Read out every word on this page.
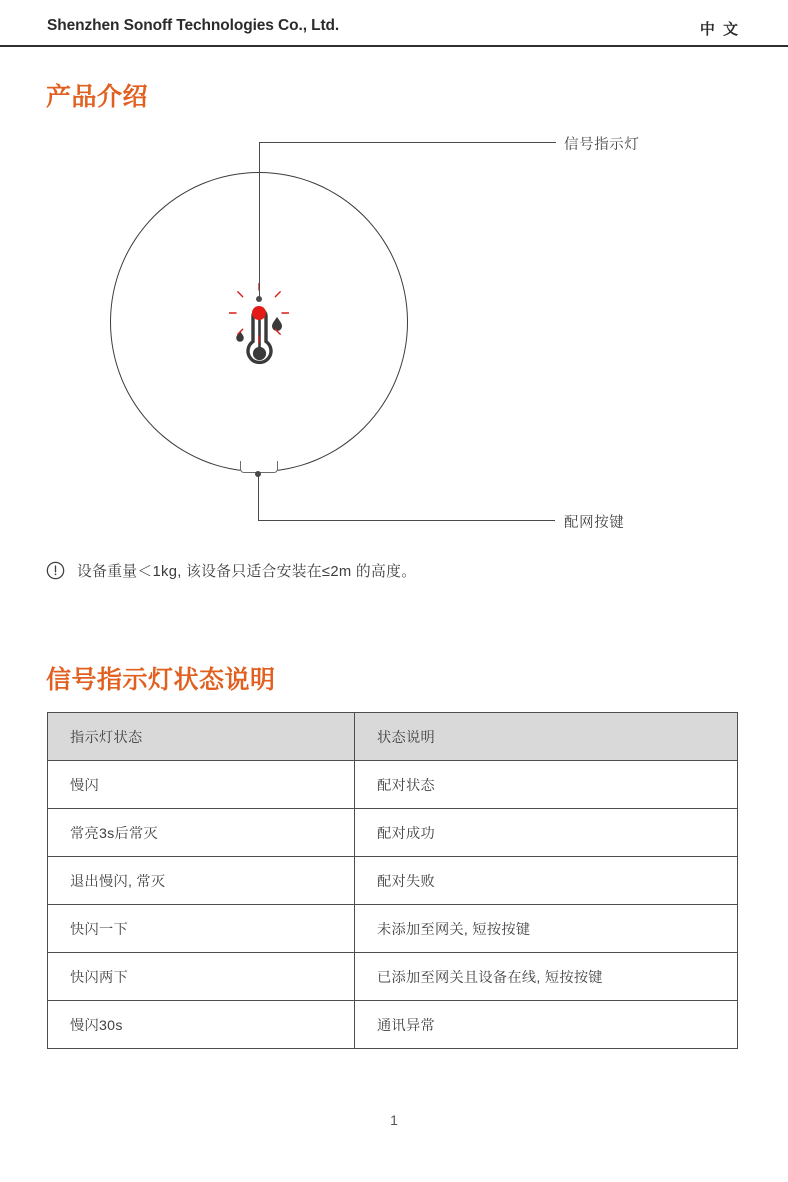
Shenzhen Sonoff Technologies Co., Ltd.	中 文
产品介绍
信号指示灯
配网按键
设备重量＜1kg, 该设备只适合安装在≤2m 的高度。
信号指示灯状态说明
指示灯状态	状态说明
慢闪	配对状态
常亮3s后常灭	配对成功
退出慢闪, 常灭	配对失败
快闪一下	未添加至网关, 短按按键
快闪两下	已添加至网关且设备在线, 短按按键
慢闪30s	通讯异常
1
